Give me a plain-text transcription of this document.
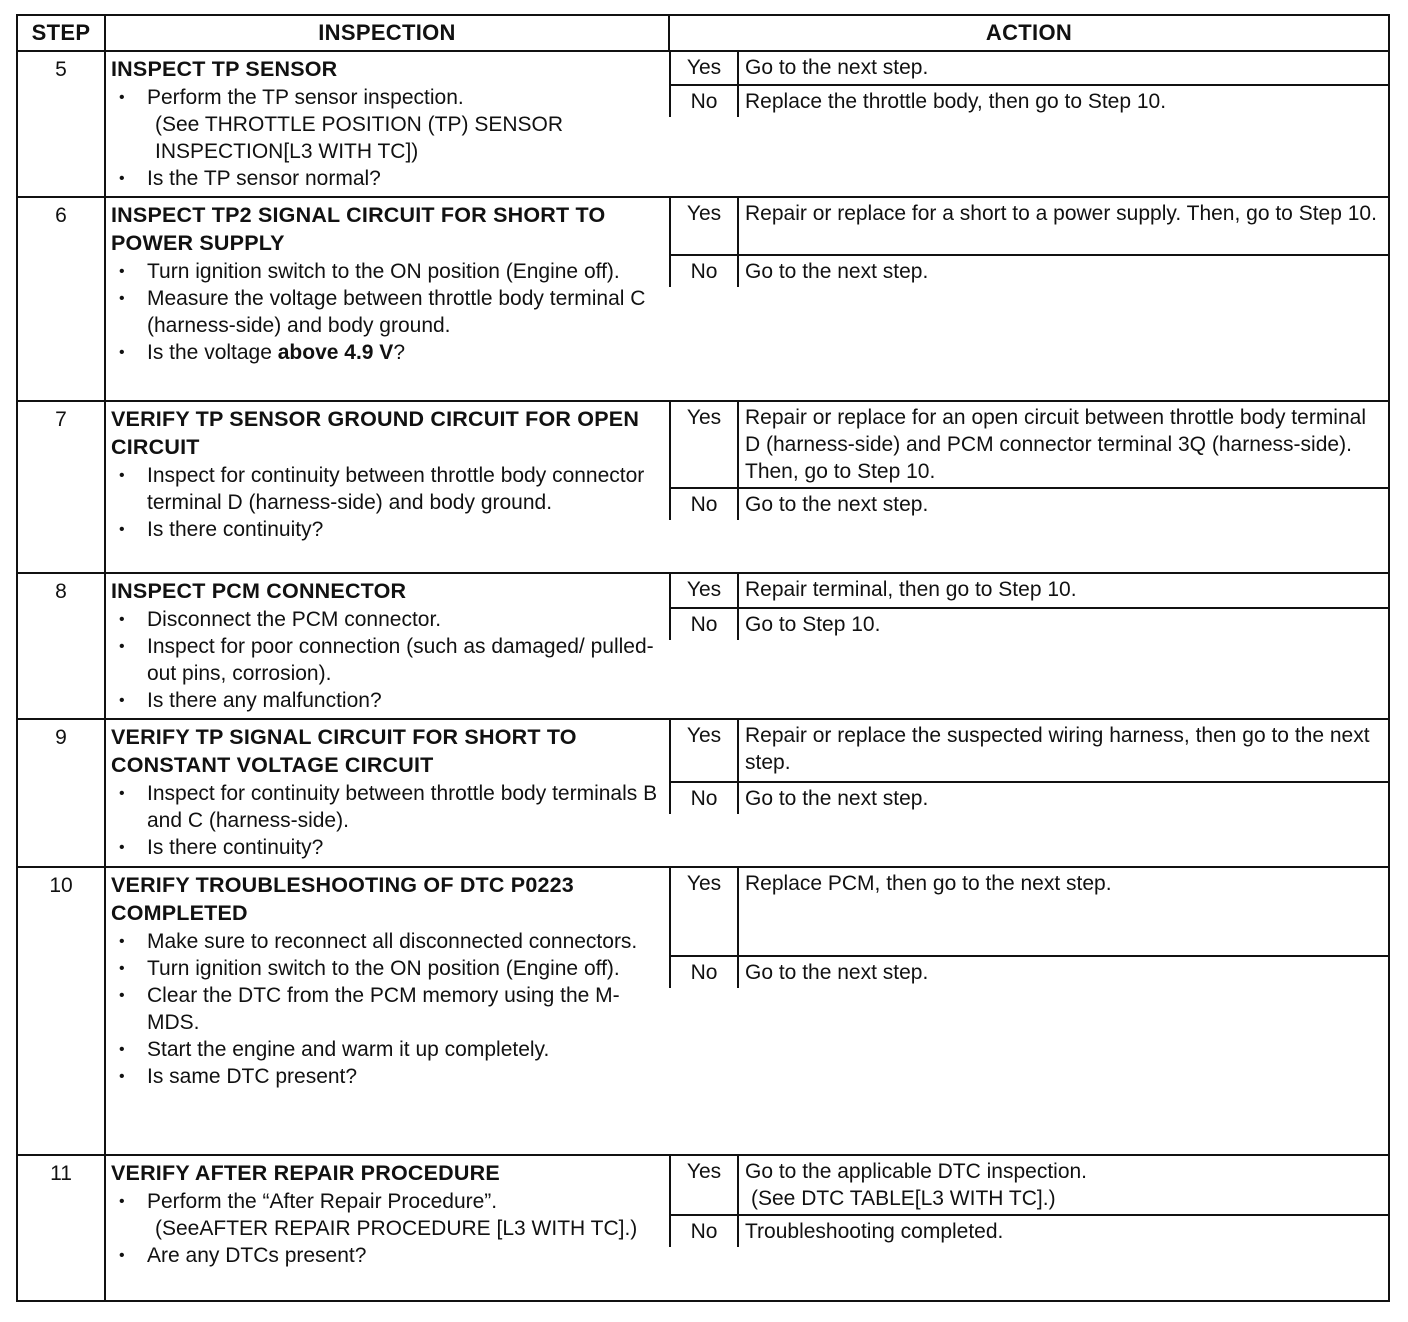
STEP	INSPECTION	ACTION
5	INSPECT TP SENSOR
• Perform the TP sensor inspection.
(See THROTTLE POSITION (TP) SENSOR INSPECTION[L3 WITH TC])
• Is the TP sensor normal?

Yes	Go to the next step.
No	Replace the throttle body, then go to Step 10.

6	INSPECT TP2 SIGNAL CIRCUIT FOR SHORT TO POWER SUPPLY
• Turn ignition switch to the ON position (Engine off).
• Measure the voltage between throttle body terminal C (harness-side) and body ground.
• Is the voltage above 4.9 V?

Yes	Repair or replace for a short to a power supply. Then, go to Step 10.
No	Go to the next step.

7	VERIFY TP SENSOR GROUND CIRCUIT FOR OPEN CIRCUIT
• Inspect for continuity between throttle body connector terminal D (harness-side) and body ground.
• Is there continuity?

Yes	Repair or replace for an open circuit between throttle body terminal D (harness-side) and PCM connector terminal 3Q (harness-side). Then, go to Step 10.
No	Go to the next step.

8	INSPECT PCM CONNECTOR
• Disconnect the PCM connector.
• Inspect for poor connection (such as damaged/ pulled-out pins, corrosion).
• Is there any malfunction?

Yes	Repair terminal, then go to Step 10.
No	Go to Step 10.

9	VERIFY TP SIGNAL CIRCUIT FOR SHORT TO CONSTANT VOLTAGE CIRCUIT
• Inspect for continuity between throttle body terminals B and C (harness-side).
• Is there continuity?

Yes	Repair or replace the suspected wiring harness, then go to the next step.
No	Go to the next step.

10	VERIFY TROUBLESHOOTING OF DTC P0223 COMPLETED
• Make sure to reconnect all disconnected connectors.
• Turn ignition switch to the ON position (Engine off).
• Clear the DTC from the PCM memory using the M-MDS.
• Start the engine and warm it up completely.
• Is same DTC present?

Yes	Replace PCM, then go to the next step.
No	Go to the next step.

11	VERIFY AFTER REPAIR PROCEDURE
• Perform the “After Repair Procedure”.
(SeeAFTER REPAIR PROCEDURE [L3 WITH TC].)
• Are any DTCs present?

Yes	Go to the applicable DTC inspection.
(See DTC TABLE[L3 WITH TC].)

No	Troubleshooting completed.
